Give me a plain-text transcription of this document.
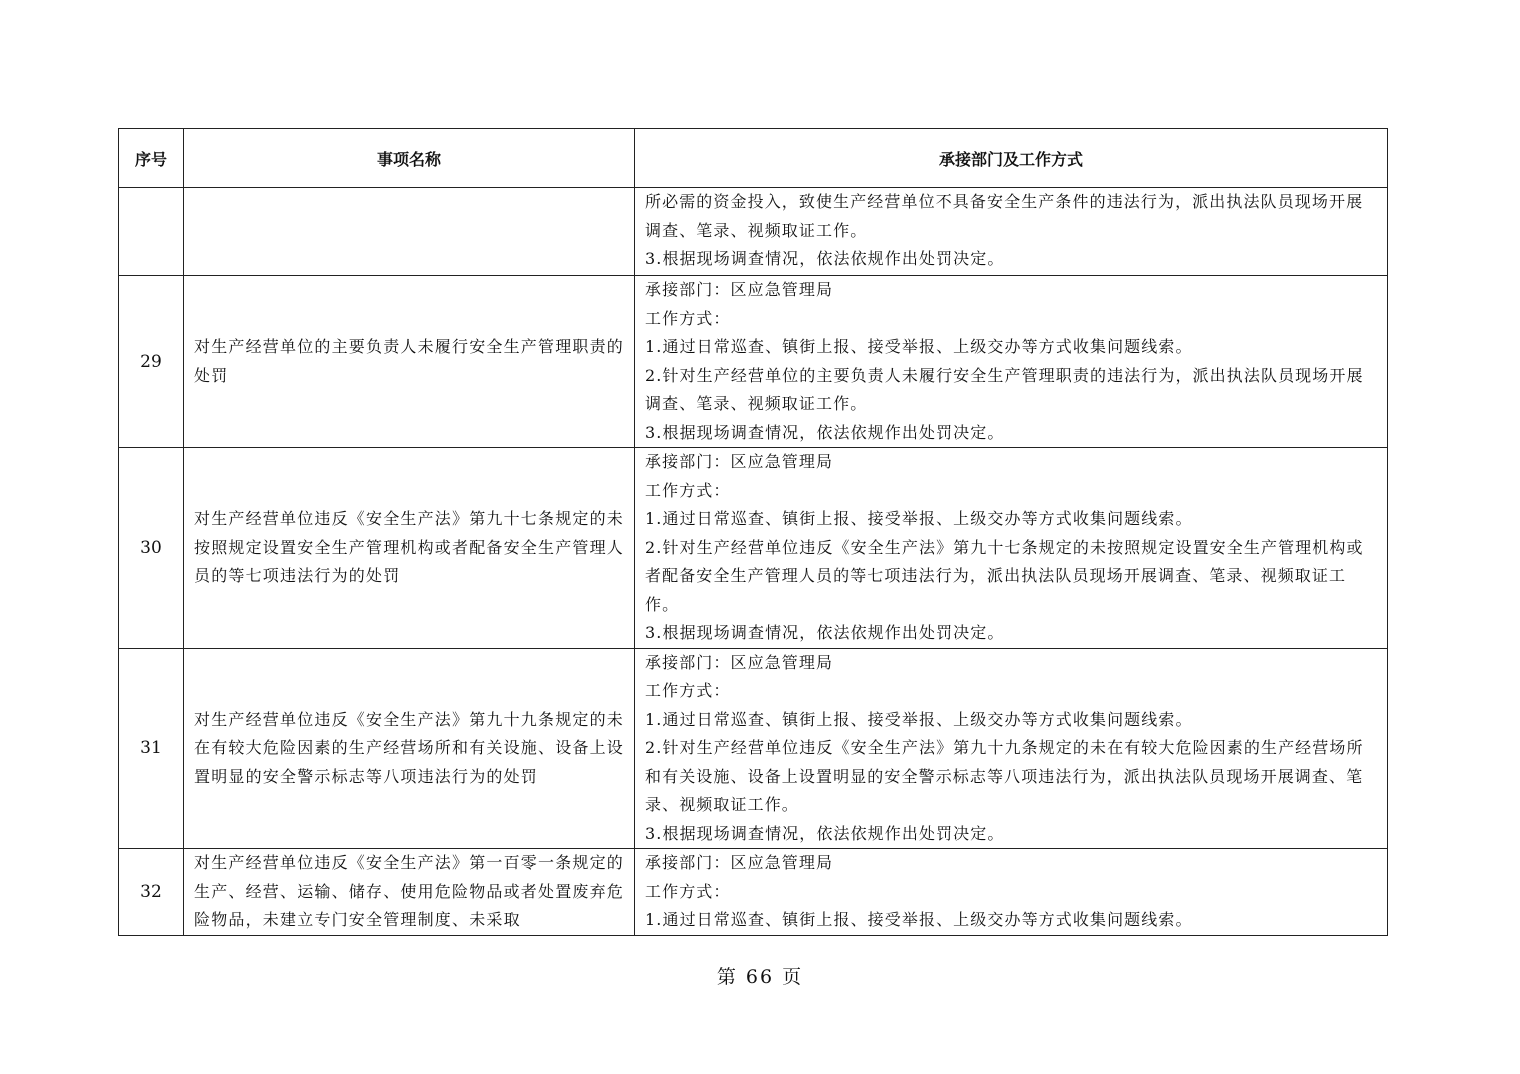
序号	事项名称	承接部门及工作方式

		所必需的资金投入，致使生产经营单位不具备安全生产条件的违法行为，派出执法队员现场开展调查、笔录、视频取证工作。
3.根据现场调查情况，依法依规作出处罚决定。

29	对生产经营单位的主要负责人未履行安全生产管理职责的处罚	承接部门：区应急管理局
工作方式：
1.通过日常巡查、镇街上报、接受举报、上级交办等方式收集问题线索。
2.针对生产经营单位的主要负责人未履行安全生产管理职责的违法行为，派出执法队员现场开展调查、笔录、视频取证工作。
3.根据现场调查情况，依法依规作出处罚决定。

30	对生产经营单位违反《安全生产法》第九十七条规定的未按照规定设置安全生产管理机构或者配备安全生产管理人员的等七项违法行为的处罚	承接部门：区应急管理局
工作方式：
1.通过日常巡查、镇街上报、接受举报、上级交办等方式收集问题线索。
2.针对生产经营单位违反《安全生产法》第九十七条规定的未按照规定设置安全生产管理机构或者配备安全生产管理人员的等七项违法行为，派出执法队员现场开展调查、笔录、视频取证工作。
3.根据现场调查情况，依法依规作出处罚决定。

31	对生产经营单位违反《安全生产法》第九十九条规定的未在有较大危险因素的生产经营场所和有关设施、设备上设置明显的安全警示标志等八项违法行为的处罚	承接部门：区应急管理局
工作方式：
1.通过日常巡查、镇街上报、接受举报、上级交办等方式收集问题线索。
2.针对生产经营单位违反《安全生产法》第九十九条规定的未在有较大危险因素的生产经营场所和有关设施、设备上设置明显的安全警示标志等八项违法行为，派出执法队员现场开展调查、笔录、视频取证工作。
3.根据现场调查情况，依法依规作出处罚决定。

32	对生产经营单位违反《安全生产法》第一百零一条规定的生产、经营、运输、储存、使用危险物品或者处置废弃危险物品，未建立专门安全管理制度、未采取	承接部门：区应急管理局
工作方式：
1.通过日常巡查、镇街上报、接受举报、上级交办等方式收集问题线索。
第 66 页
